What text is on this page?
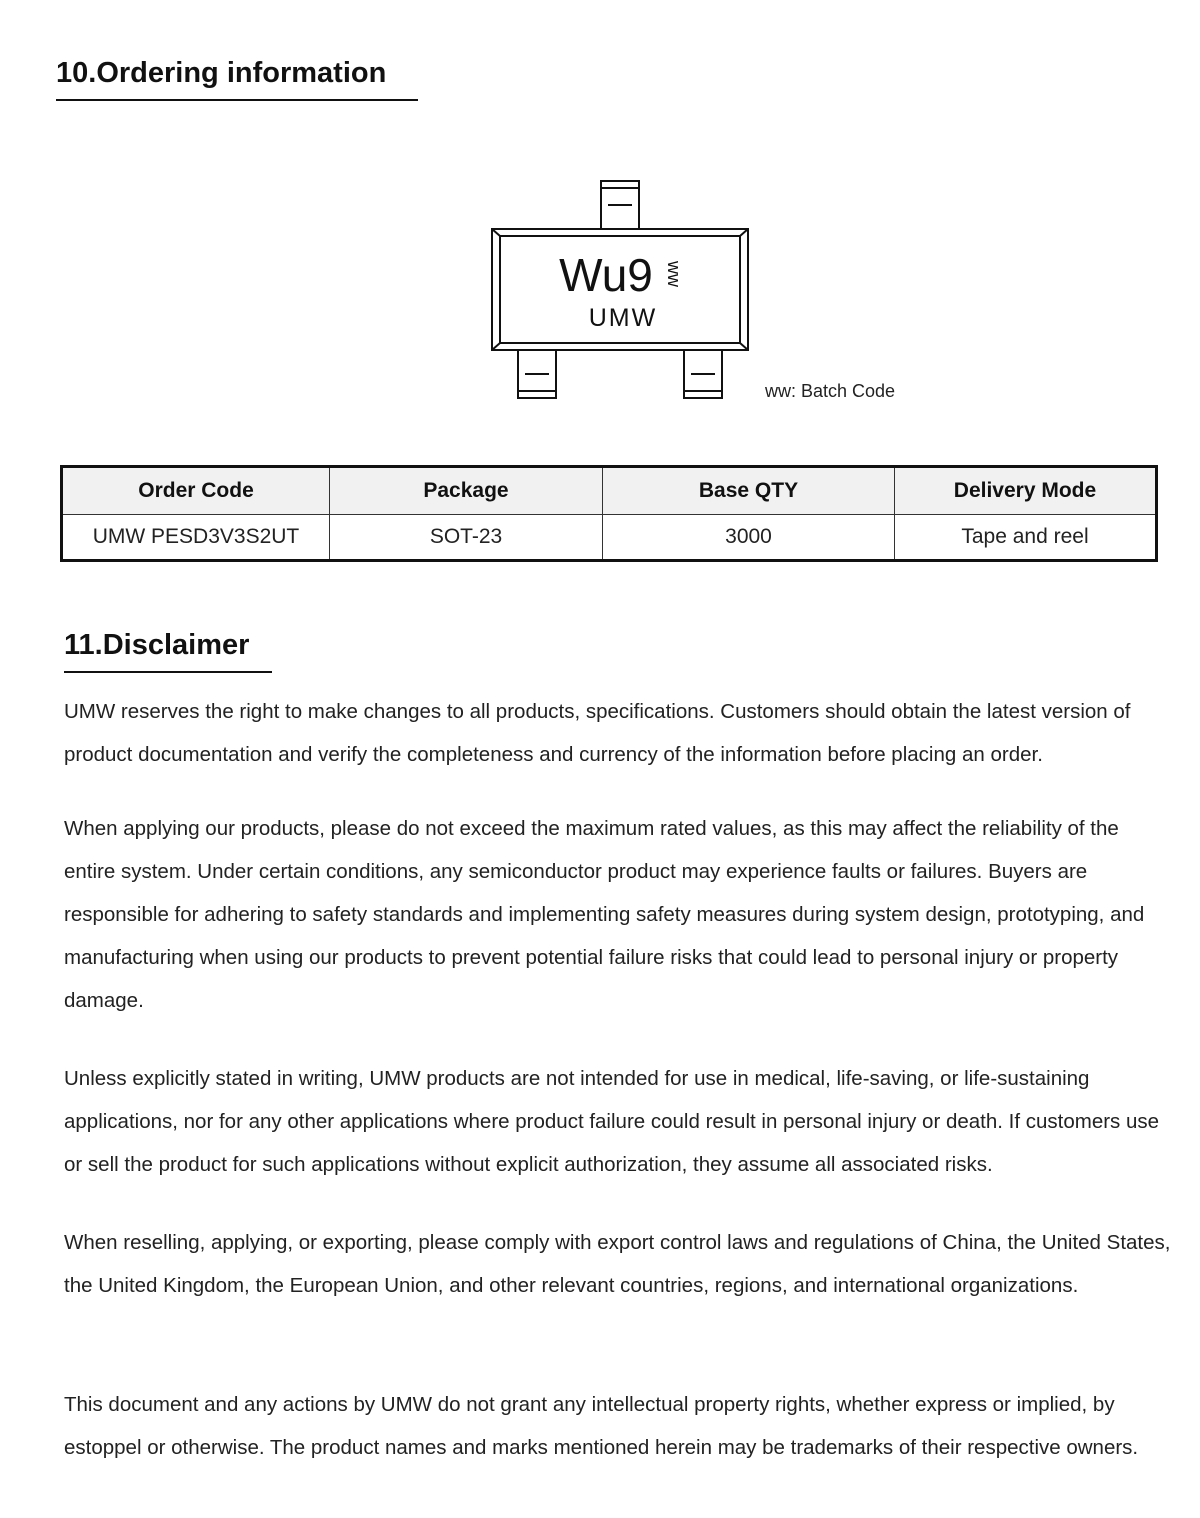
10.Ordering information
Wu9 ww
UMW
ww: Batch Code
Order Code	Package	Base QTY	Delivery Mode
UMW PESD3V3S2UT	SOT-23	3000	Tape and reel
11.Disclaimer

UMW reserves the right to make changes to all products, specifications. Customers should obtain the latest version of product documentation and verify the completeness and currency of the information before placing an order.

When applying our products, please do not exceed the maximum rated values, as this may affect the reliability of the entire system. Under certain conditions, any semiconductor product may experience faults or failures. Buyers are responsible for adhering to safety standards and implementing safety measures during system design, prototyping, and manufacturing when using our products to prevent potential failure risks that could lead to personal injury or property damage.

Unless explicitly stated in writing, UMW products are not intended for use in medical, life-saving, or life-sustaining applications, nor for any other applications where product failure could result in personal injury or death. If customers use or sell the product for such applications without explicit authorization, they assume all associated risks.

When reselling, applying, or exporting, please comply with export control laws and regulations of China, the United States, the United Kingdom, the European Union, and other relevant countries, regions, and international organizations.

This document and any actions by UMW do not grant any intellectual property rights, whether express or implied, by estoppel or otherwise. The product names and marks mentioned herein may be trademarks of their respective owners.
